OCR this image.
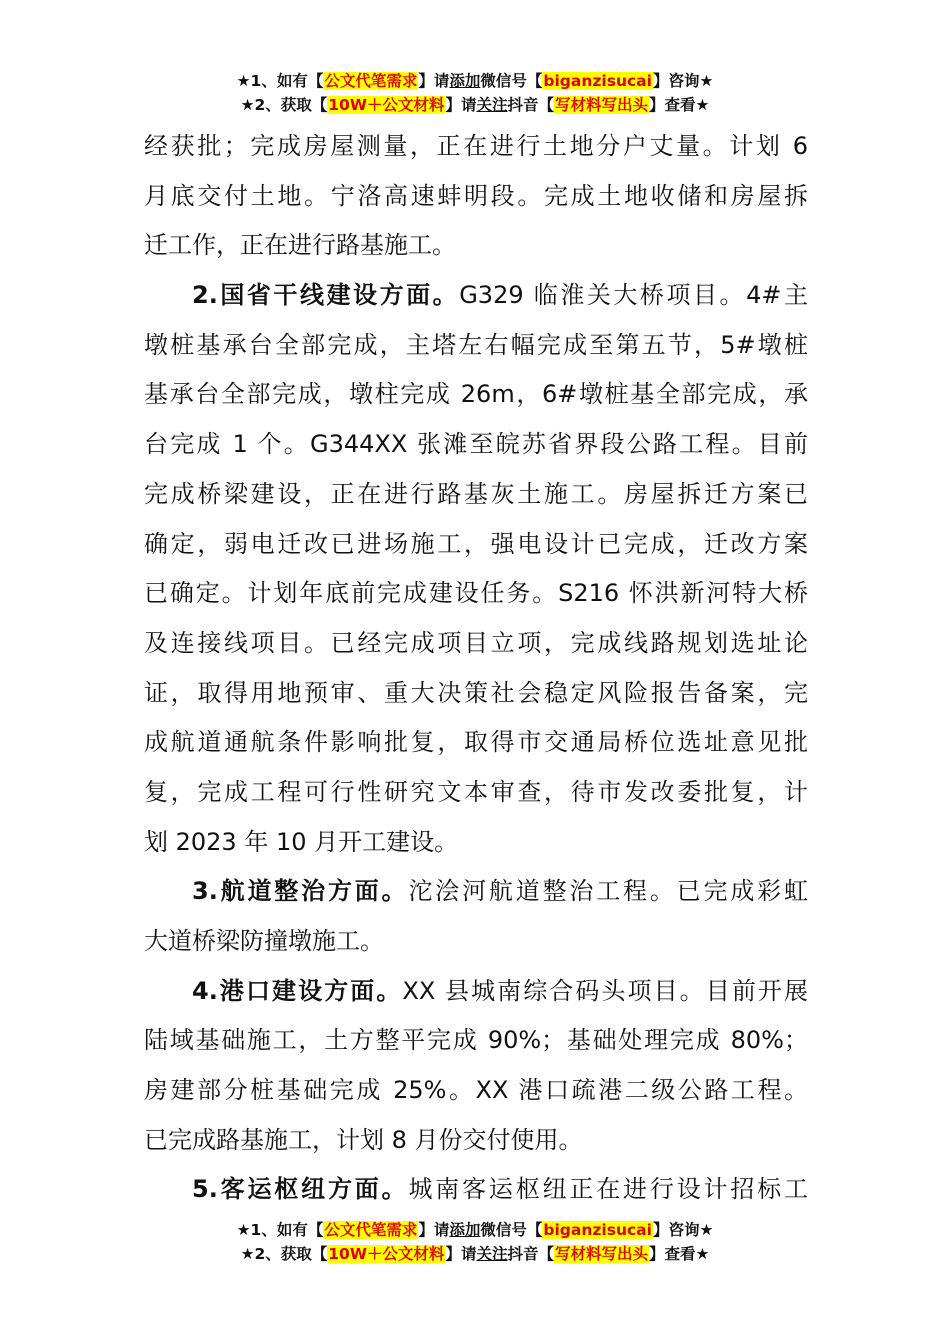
★1、如有【公文代笔需求】请添加微信号【biganzisucai】咨询★
★2、获取【10W＋公文材料】请关注抖音【写材料写出头】查看★
经获批；完成房屋测量，正在进行土地分户丈量。计划 6
月底交付土地。宁洛高速蚌明段。完成土地收储和房屋拆
迁工作，正在进行路基施工。
2.国省干线建设方面。G329 临淮关大桥项目。4#主
墩桩基承台全部完成，主塔左右幅完成至第五节，5#墩桩
基承台全部完成，墩柱完成 26m，6#墩桩基全部完成，承
台完成 1 个。G344XX 张滩至皖苏省界段公路工程。目前
完成桥梁建设，正在进行路基灰土施工。房屋拆迁方案已
确定，弱电迁改已进场施工，强电设计已完成，迁改方案
已确定。计划年底前完成建设任务。S216 怀洪新河特大桥
及连接线项目。已经完成项目立项，完成线路规划选址论
证，取得用地预审、重大决策社会稳定风险报告备案，完
成航道通航条件影响批复，取得市交通局桥位选址意见批
复，完成工程可行性研究文本审查，待市发改委批复，计
划 2023 年 10 月开工建设。
3.航道整治方面。沱浍河航道整治工程。已完成彩虹
大道桥梁防撞墩施工。
4.港口建设方面。XX 县城南综合码头项目。目前开展
陆域基础施工，土方整平完成 90%；基础处理完成 80%；
房建部分桩基础完成 25%。XX 港口疏港二级公路工程。
已完成路基施工，计划 8 月份交付使用。
5.客运枢纽方面。城南客运枢纽正在进行设计招标工
★1、如有【公文代笔需求】请添加微信号【biganzisucai】咨询★
★2、获取【10W＋公文材料】请关注抖音【写材料写出头】查看★
